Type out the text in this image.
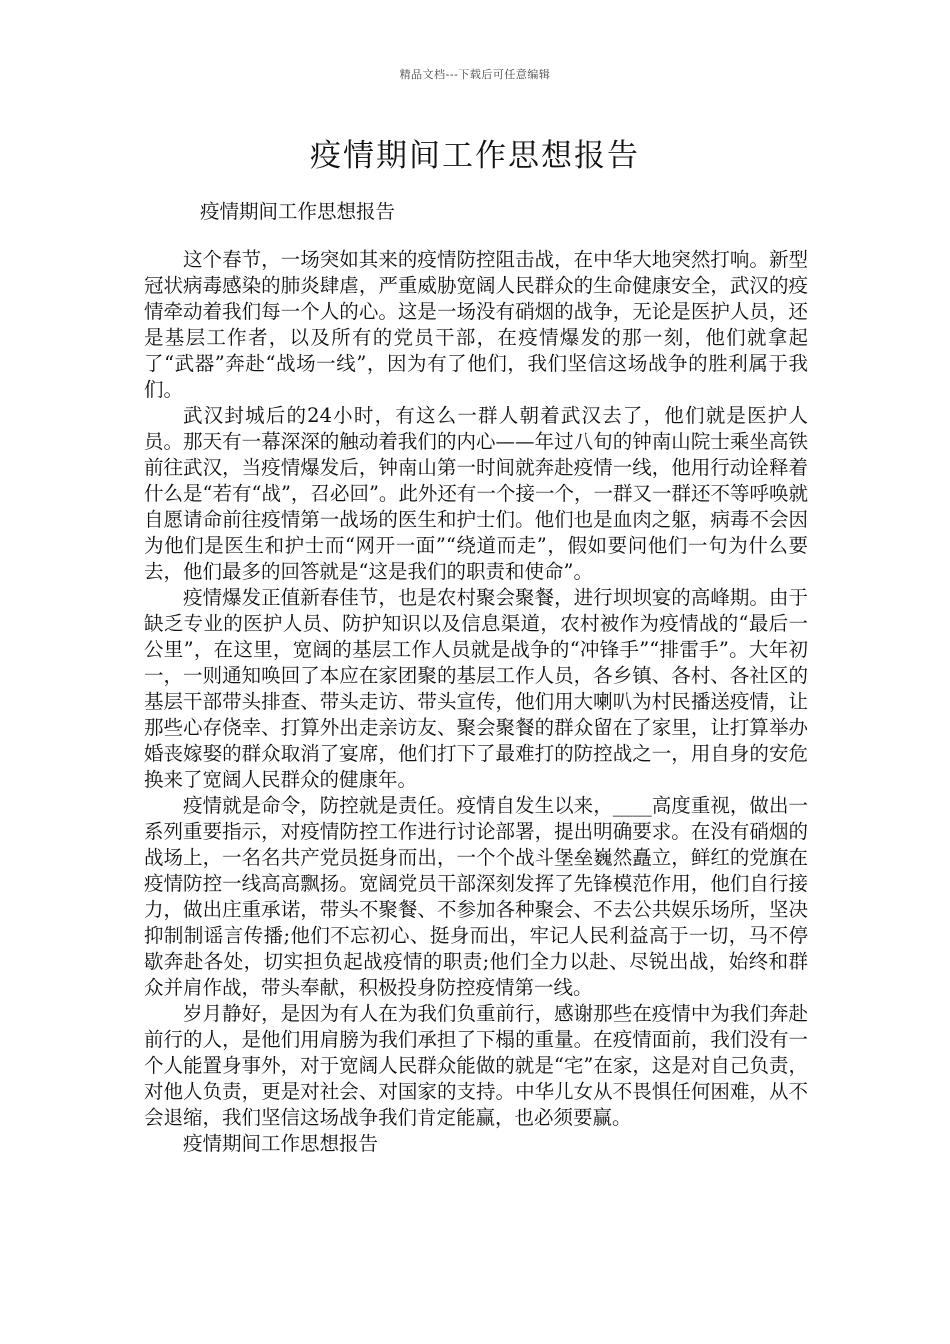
精品文档---下载后可任意编辑
疫情期间工作思想报告
疫情期间工作思想报告

这个春节，一场突如其来的疫情防控阻击战，在中华大地突然打响。新型冠状病毒感染的肺炎肆虐，严重威胁宽阔人民群众的生命健康安全，武汉的疫情牵动着我们每一个人的心。这是一场没有硝烟的战争，无论是医护人员，还是基层工作者，以及所有的党员干部，在疫情爆发的那一刻，他们就拿起了“武器”奔赴“战场一线”，因为有了他们，我们坚信这场战争的胜利属于我们。

武汉封城后的24小时，有这么一群人朝着武汉去了，他们就是医护人员。那天有一幕深深的触动着我们的内心——年过八旬的钟南山院士乘坐高铁前往武汉，当疫情爆发后，钟南山第一时间就奔赴疫情一线，他用行动诠释着什么是“若有“战”，召必回”。此外还有一个接一个，一群又一群还不等呼唤就自愿请命前往疫情第一战场的医生和护士们。他们也是血肉之躯，病毒不会因为他们是医生和护士而“网开一面”“绕道而走”，假如要问他们一句为什么要去，他们最多的回答就是“这是我们的职责和使命”。

疫情爆发正值新春佳节，也是农村聚会聚餐，进行坝坝宴的高峰期。由于缺乏专业的医护人员、防护知识以及信息渠道，农村被作为疫情战的“最后一公里”，在这里，宽阔的基层工作人员就是战争的“冲锋手”“排雷手”。大年初一，一则通知唤回了本应在家团聚的基层工作人员，各乡镇、各村、各社区的基层干部带头排查、带头走访、带头宣传，他们用大喇叭为村民播送疫情，让那些心存侥幸、打算外出走亲访友、聚会聚餐的群众留在了家里，让打算举办婚丧嫁娶的群众取消了宴席，他们打下了最难打的防控战之一，用自身的安危换来了宽阔人民群众的健康年。

疫情就是命令，防控就是责任。疫情自发生以来，____高度重视，做出一系列重要指示，对疫情防控工作进行讨论部署，提出明确要求。在没有硝烟的战场上，一名名共产党员挺身而出，一个个战斗堡垒巍然矗立，鲜红的党旗在疫情防控一线高高飘扬。宽阔党员干部深刻发挥了先锋模范作用，他们自行接力，做出庄重承诺，带头不聚餐、不参加各种聚会、不去公共娱乐场所，坚决抑制制谣言传播;他们不忘初心、挺身而出，牢记人民利益高于一切，马不停歇奔赴各处，切实担负起战疫情的职责;他们全力以赴、尽锐出战，始终和群众并肩作战，带头奉献，积极投身防控疫情第一线。

岁月静好，是因为有人在为我们负重前行，感谢那些在疫情中为我们奔赴前行的人，是他们用肩膀为我们承担了下榻的重量。在疫情面前，我们没有一个人能置身事外，对于宽阔人民群众能做的就是“宅”在家，这是对自己负责，对他人负责，更是对社会、对国家的支持。中华儿女从不畏惧任何困难，从不会退缩，我们坚信这场战争我们肯定能赢，也必须要赢。

疫情期间工作思想报告
